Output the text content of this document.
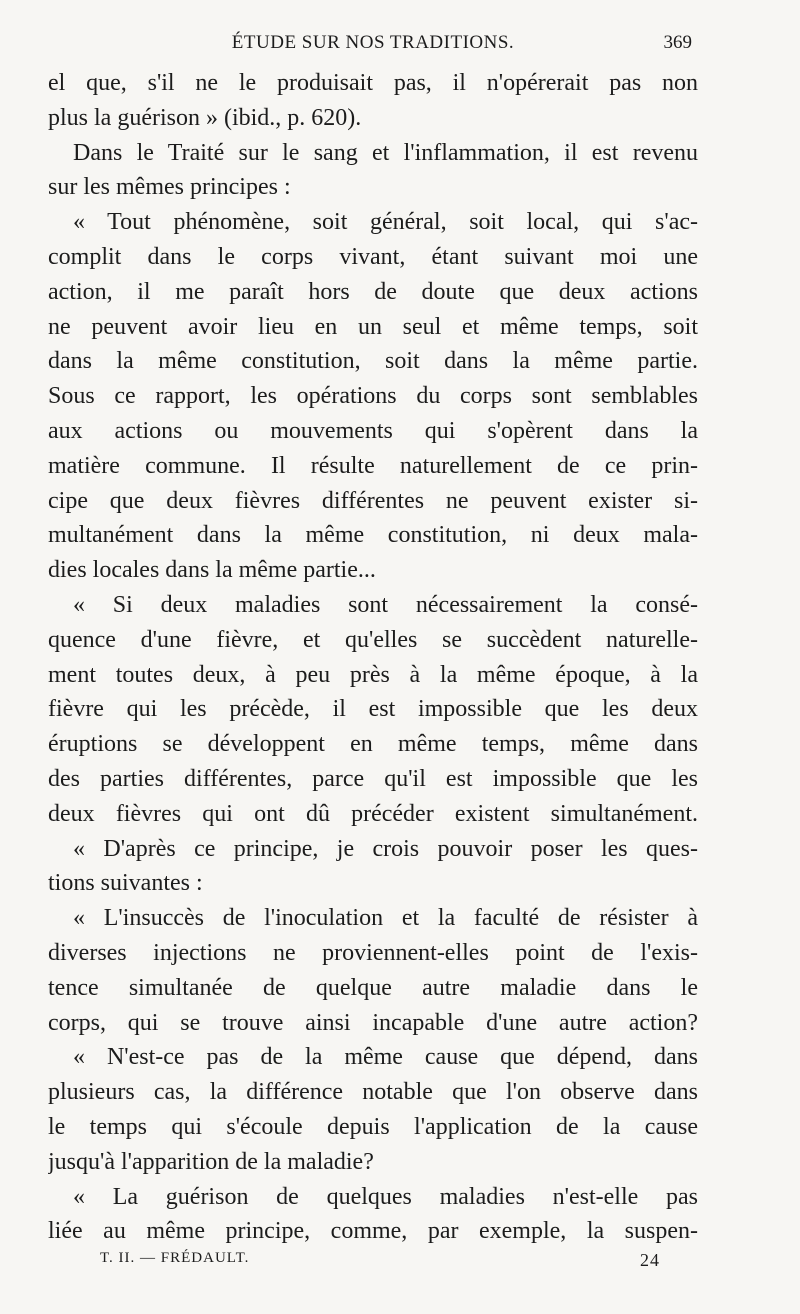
ÉTUDE SUR NOS TRADITIONS.	369
el que, s'il ne le produisait pas, il n'opérerait pas non
plus la guérison » (ibid., p. 620).
Dans le Traité sur le sang et l'inflammation, il est revenu
sur les mêmes principes :
« Tout phénomène, soit général, soit local, qui s'ac-
complit dans le corps vivant, étant suivant moi une
action, il me paraît hors de doute que deux actions
ne peuvent avoir lieu en un seul et même temps, soit
dans la même constitution, soit dans la même partie.
Sous ce rapport, les opérations du corps sont semblables
aux actions ou mouvements qui s'opèrent dans la
matière commune. Il résulte naturellement de ce prin-
cipe que deux fièvres différentes ne peuvent exister si-
multanément dans la même constitution, ni deux mala-
dies locales dans la même partie...
« Si deux maladies sont nécessairement la consé-
quence d'une fièvre, et qu'elles se succèdent naturelle-
ment toutes deux, à peu près à la même époque, à la
fièvre qui les précède, il est impossible que les deux
éruptions se développent en même temps, même dans
des parties différentes, parce qu'il est impossible que les
deux fièvres qui ont dû précéder existent simultanément.
« D'après ce principe, je crois pouvoir poser les ques-
tions suivantes :
« L'insuccès de l'inoculation et la faculté de résister à
diverses injections ne proviennent-elles point de l'exis-
tence simultanée de quelque autre maladie dans le
corps, qui se trouve ainsi incapable d'une autre action?
« N'est-ce pas de la même cause que dépend, dans
plusieurs cas, la différence notable que l'on observe dans
le temps qui s'écoule depuis l'application de la cause
jusqu'à l'apparition de la maladie?
« La guérison de quelques maladies n'est-elle pas
liée au même principe, comme, par exemple, la suspen-
T. II. — FRÉDAULT.	24
